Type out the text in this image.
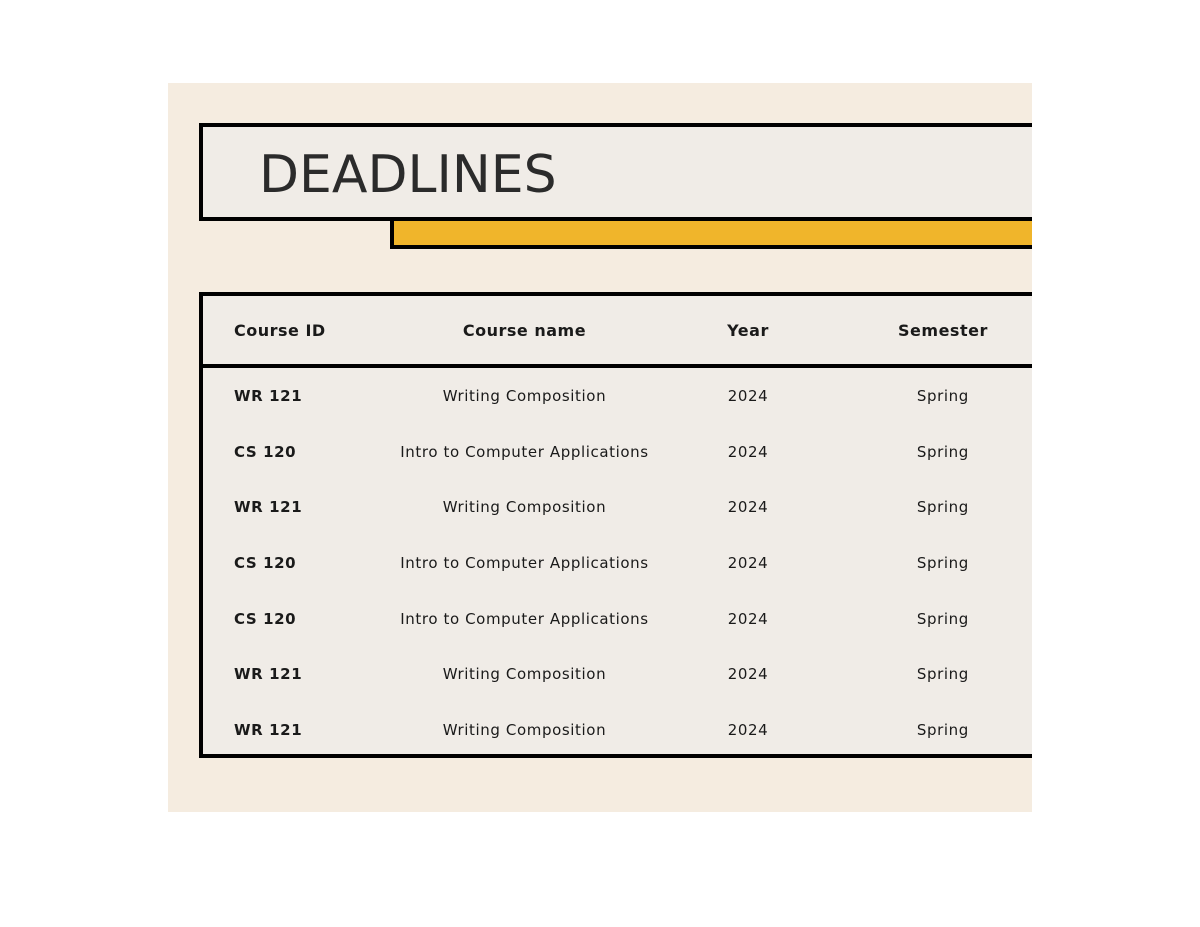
DEADLINES
Course ID	Course name	Year	Semester
WR 121	Writing Composition	2024	Spring
CS 120	Intro to Computer Applications	2024	Spring
WR 121	Writing Composition	2024	Spring
CS 120	Intro to Computer Applications	2024	Spring
CS 120	Intro to Computer Applications	2024	Spring
WR 121	Writing Composition	2024	Spring
WR 121	Writing Composition	2024	Spring
